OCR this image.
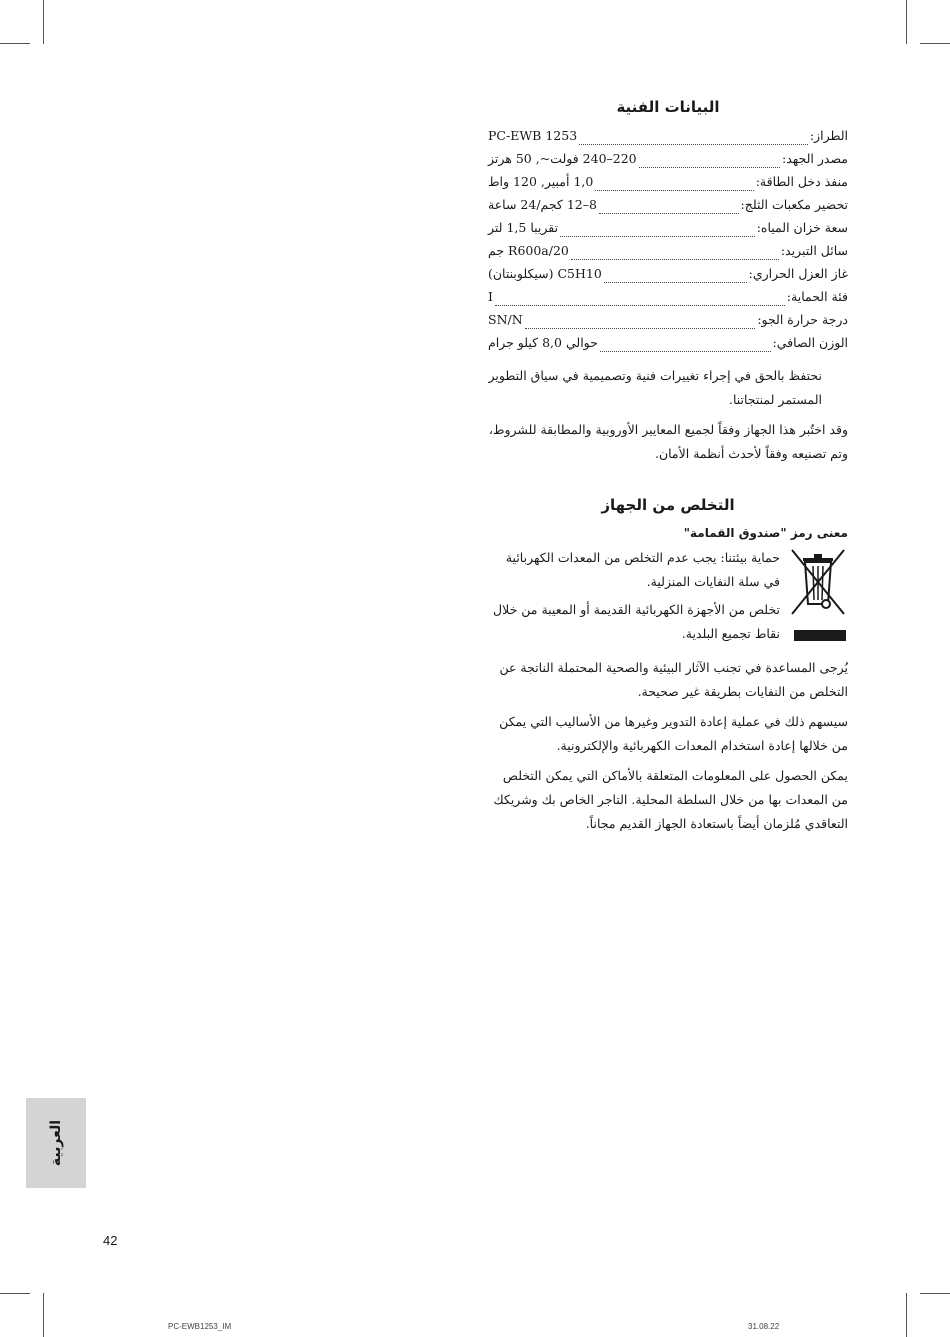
البيانات الفنية
الطراز:
PC-EWB 1253
مصدر الجهد:
220–240 فولت~, 50 هرتز
منفذ دخل الطاقة:
1,0 أمبير, 120 واط
تحضير مكعبات الثلج:
8–12 كجم/24 ساعة
سعة خزان المياه:
تقريبا 1,5 لتر
سائل التبريد:
R600a/20 جم
غاز العزل الحراري:
C5H10 (سيكلوبنتان)
فئة الحماية:
I
درجة حرارة الجو:
SN/N
الوزن الصافي:
حوالي 8,0 كيلو جرام

نحتفظ بالحق في إجراء تغييرات فنية وتصميمية في سياق التطوير المستمر لمنتجاتنا.

وقد اختُبر هذا الجهاز وفقاً لجميع المعايير الأوروبية والمطابقة للشروط، وتم تصنيعه وفقاً لأحدث أنظمة الأمان.

التخلص من الجهاز
معنى رمز "صندوق القمامة"

حماية بيئتنا: يجب عدم التخلص من المعدات الكهربائية في سلة النفايات المنزلية.

تخلص من الأجهزة الكهربائية القديمة أو المعيبة من خلال نقاط تجميع البلدية.

يُرجى المساعدة في تجنب الآثار البيئية والصحية المحتملة الناتجة عن التخلص من النفايات بطريقة غير صحيحة.

سيسهم ذلك في عملية إعادة التدوير وغيرها من الأساليب التي يمكن من خلالها إعادة استخدام المعدات الكهربائية والإلكترونية.

يمكن الحصول على المعلومات المتعلقة بالأماكن التي يمكن التخلص من المعدات بها من خلال السلطة المحلية. التاجر الخاص بك وشريكك التعاقدي مُلزمان أيضاً باستعادة الجهاز القديم مجاناً.

العربية
42
PC-EWB1253_IM	31.08.22
